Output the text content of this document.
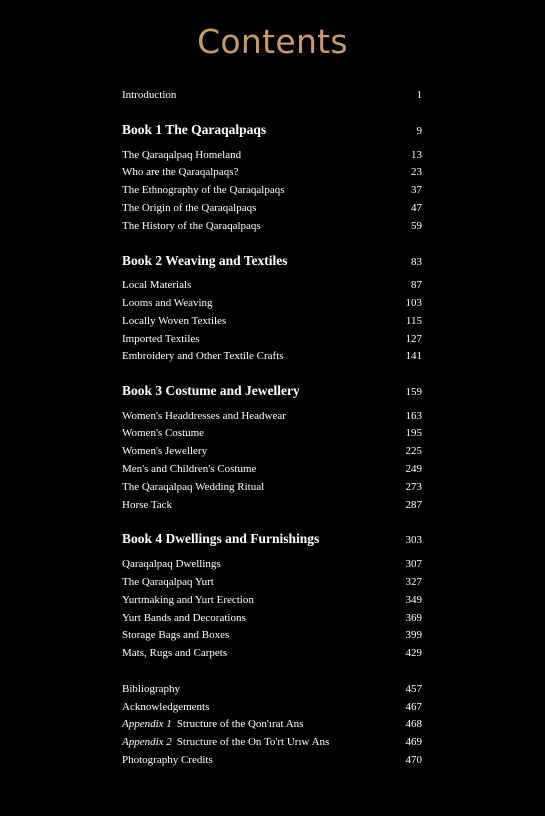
Contents
Introduction	1
Book 1 The Qaraqalpaqs	9
The Qaraqalpaq Homeland	13
Who are the Qaraqalpaqs?	23
The Ethnography of the Qaraqalpaqs	37
The Origin of the Qaraqalpaqs	47
The History of the Qaraqalpaqs	59
Book 2 Weaving and Textiles	83
Local Materials	87
Looms and Weaving	103
Locally Woven Textiles	115
Imported Textiles	127
Embroidery and Other Textile Crafts	141
Book 3 Costume and Jewellery	159
Women's Headdresses and Headwear	163
Women's Costume	195
Women's Jewellery	225
Men's and Children's Costume	249
The Qaraqalpaq Wedding Ritual	273
Horse Tack	287
Book 4 Dwellings and Furnishings	303
Qaraqalpaq Dwellings	307
The Qaraqalpaq Yurt	327
Yurtmaking and Yurt Erection	349
Yurt Bands and Decorations	369
Storage Bags and Boxes	399
Mats, Rugs and Carpets	429
Bibliography	457
Acknowledgements	467
Appendix 1 Structure of the Qon'ırat Ans	468
Appendix 2 Structure of the On To'rt Urıw Ans	469
Photography Credits	470
